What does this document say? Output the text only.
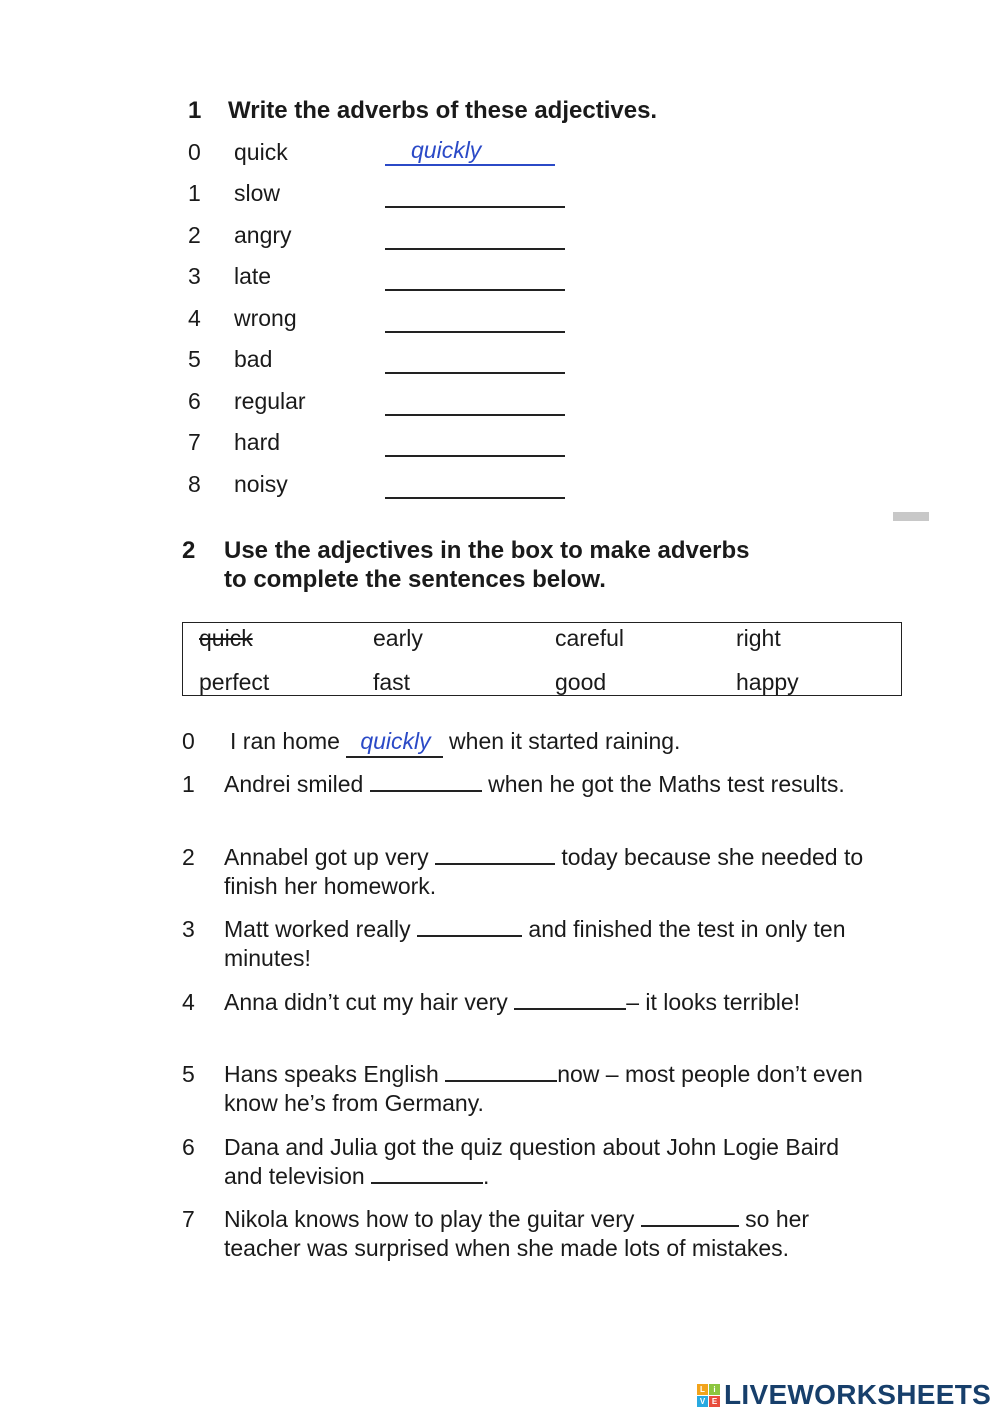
1 Write the adverbs of these adjectives.
0 quick	quickly
1 slow
2 angry
3 late
4 wrong
5 bad
6 regular
7 hard
8 noisy
2 Use the adjectives in the box to make adverbs
to complete the sentences below.
quick	early	careful	right
perfect	fast	good	happy
0 I ran home quickly when it started raining.
1 Andrei smiled	when he got the Maths test results.
2 Annabel got up very	today because she needed to finish her homework.
3 Matt worked really	and finished the test in only ten minutes!
4 Anna didn’t cut my hair very	– it looks terrible!
5 Hans speaks English	now – most people don’t even know he’s from Germany.
6 Dana and Julia got the quiz question about John Logie Baird and television	.
7 Nikola knows how to play the guitar very	so her teacher was surprised when she made lots of mistakes.
L	i
V E LIVEWORKSHEETS
